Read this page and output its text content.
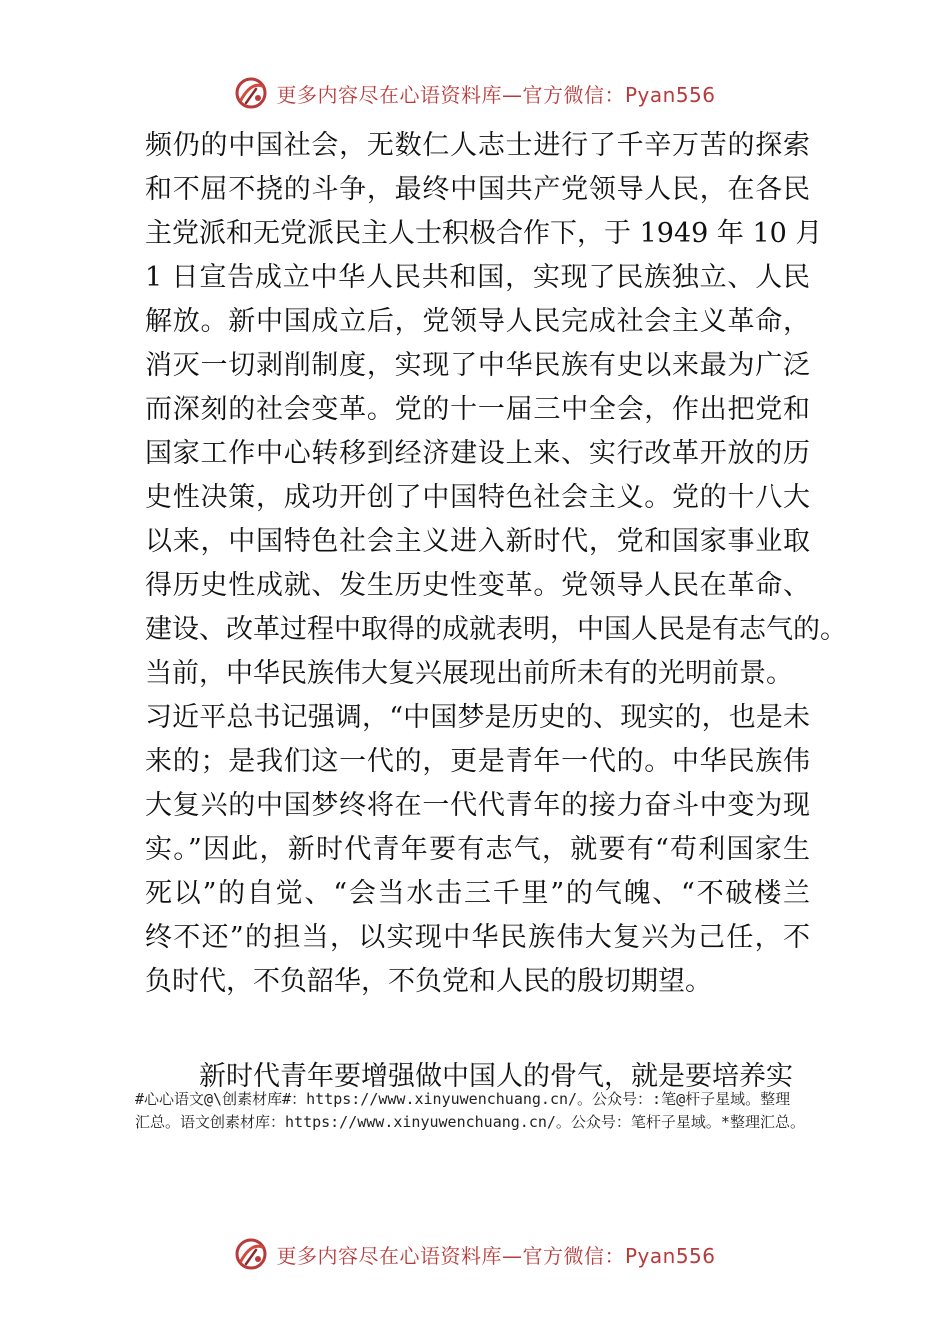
更多内容尽在心语资料库—官方微信：Pyan556
频仍的中国社会，无数仁人志士进行了千辛万苦的探索
和不屈不挠的斗争，最终中国共产党领导人民，在各民
主党派和无党派民主人士积极合作下，于 1949 年 10 月
1 日宣告成立中华人民共和国，实现了民族独立、人民
解放。新中国成立后，党领导人民完成社会主义革命，
消灭一切剥削制度，实现了中华民族有史以来最为广泛
而深刻的社会变革。党的十一届三中全会，作出把党和
国家工作中心转移到经济建设上来、实行改革开放的历
史性决策，成功开创了中国特色社会主义。党的十八大
以来，中国特色社会主义进入新时代，党和国家事业取
得历史性成就、发生历史性变革。党领导人民在革命、
建设、改革过程中取得的成就表明，中国人民是有志气的。
当前，中华民族伟大复兴展现出前所未有的光明前景。
习近平总书记强调，“中国梦是历史的、现实的，也是未
来的；是我们这一代的，更是青年一代的。中华民族伟
大复兴的中国梦终将在一代代青年的接力奋斗中变为现
实。”因此，新时代青年要有志气，就要有“苟利国家生
死以”的自觉、“会当水击三千里”的气魄、“不破楼兰
终不还”的担当，以实现中华民族伟大复兴为己任，不
负时代，不负韶华，不负党和人民的殷切期望。
新时代青年要增强做中国人的骨气，就是要培养实
#心心语文@\创素材库#：https://www.xinyuwenchuang.cn/。公众号：:笔@杆子星域。整理
汇总。语文创素材库：https://www.xinyuwenchuang.cn/。公众号：笔杆子星域。*整理汇总。
更多内容尽在心语资料库—官方微信：Pyan556
